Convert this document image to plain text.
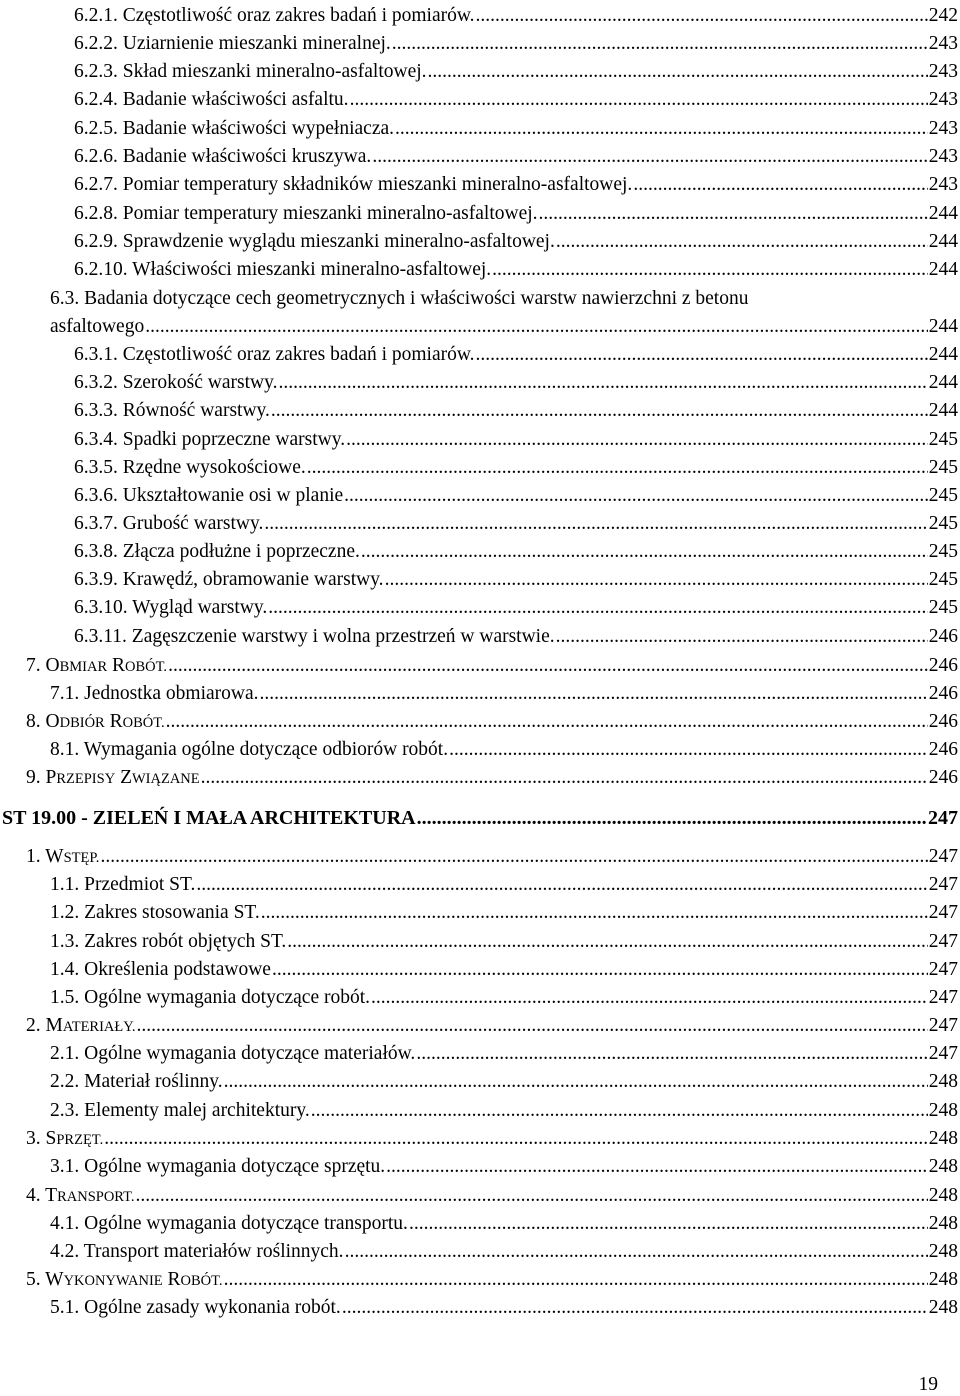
6.2.1. Częstotliwość oraz zakres badań i pomiarów. .....	242
6.2.2. Uziarnienie mieszanki mineralnej. .....	243
6.2.3. Skład mieszanki mineralno-asfaltowej. .....	243
6.2.4. Badanie właściwości asfaltu. .....	243
6.2.5. Badanie właściwości wypełniacza. .....	243
6.2.6. Badanie właściwości kruszywa. .....	243
6.2.7. Pomiar temperatury składników mieszanki mineralno-asfaltowej. .....	243
6.2.8. Pomiar temperatury mieszanki mineralno-asfaltowej. .....	244
6.2.9. Sprawdzenie wyglądu mieszanki mineralno-asfaltowej. .....	244
6.2.10. Właściwości mieszanki mineralno-asfaltowej. .....	244
6.3. Badania dotyczące cech geometrycznych i właściwości warstw nawierzchni z betonu
asfaltowego .....	244
6.3.1. Częstotliwość oraz zakres badań i pomiarów. .....	244
6.3.2. Szerokość warstwy. .....	244
6.3.3. Równość warstwy. .....	244
6.3.4. Spadki poprzeczne warstwy. .....	245
6.3.5. Rzędne wysokościowe. .....	245
6.3.6. Ukształtowanie osi w planie .....	245
6.3.7. Grubość warstwy. .....	245
6.3.8. Złącza podłużne i poprzeczne. .....	245
6.3.9. Krawędź, obramowanie warstwy. .....	245
6.3.10. Wygląd warstwy. .....	245
6.3.11. Zagęszczenie warstwy i wolna przestrzeń w warstwie. .....	246
7. OBMIAR ROBÓT. .....	246
7.1. Jednostka obmiarowa. .....	246
8. ODBIÓR ROBÓT. .....	246
8.1. Wymagania ogólne dotyczące odbiorów robót. .....	246
9. PRZEPISY ZWIĄZANE .....	246
ST 19.00 - ZIELEŃ I MAŁA ARCHITEKTURA .....	247
1. WSTĘP. .....	247
1.1. Przedmiot ST. .....	247
1.2. Zakres stosowania ST. .....	247
1.3. Zakres robót objętych ST. .....	247
1.4. Określenia podstawowe .....	247
1.5. Ogólne wymagania dotyczące robót. .....	247
2. MATERIAŁY. .....	247
2.1. Ogólne wymagania dotyczące materiałów. .....	247
2.2. Materiał roślinny. .....	248
2.3. Elementy malej architektury. .....	248
3. SPRZĘT. .....	248
3.1. Ogólne wymagania dotyczące sprzętu. .....	248
4. TRANSPORT. .....	248
4.1. Ogólne wymagania dotyczące transportu. .....	248
4.2. Transport materiałów roślinnych. .....	248
5. WYKONYWANIE ROBÓT. .....	248
5.1. Ogólne zasady wykonania robót. .....	248
19
